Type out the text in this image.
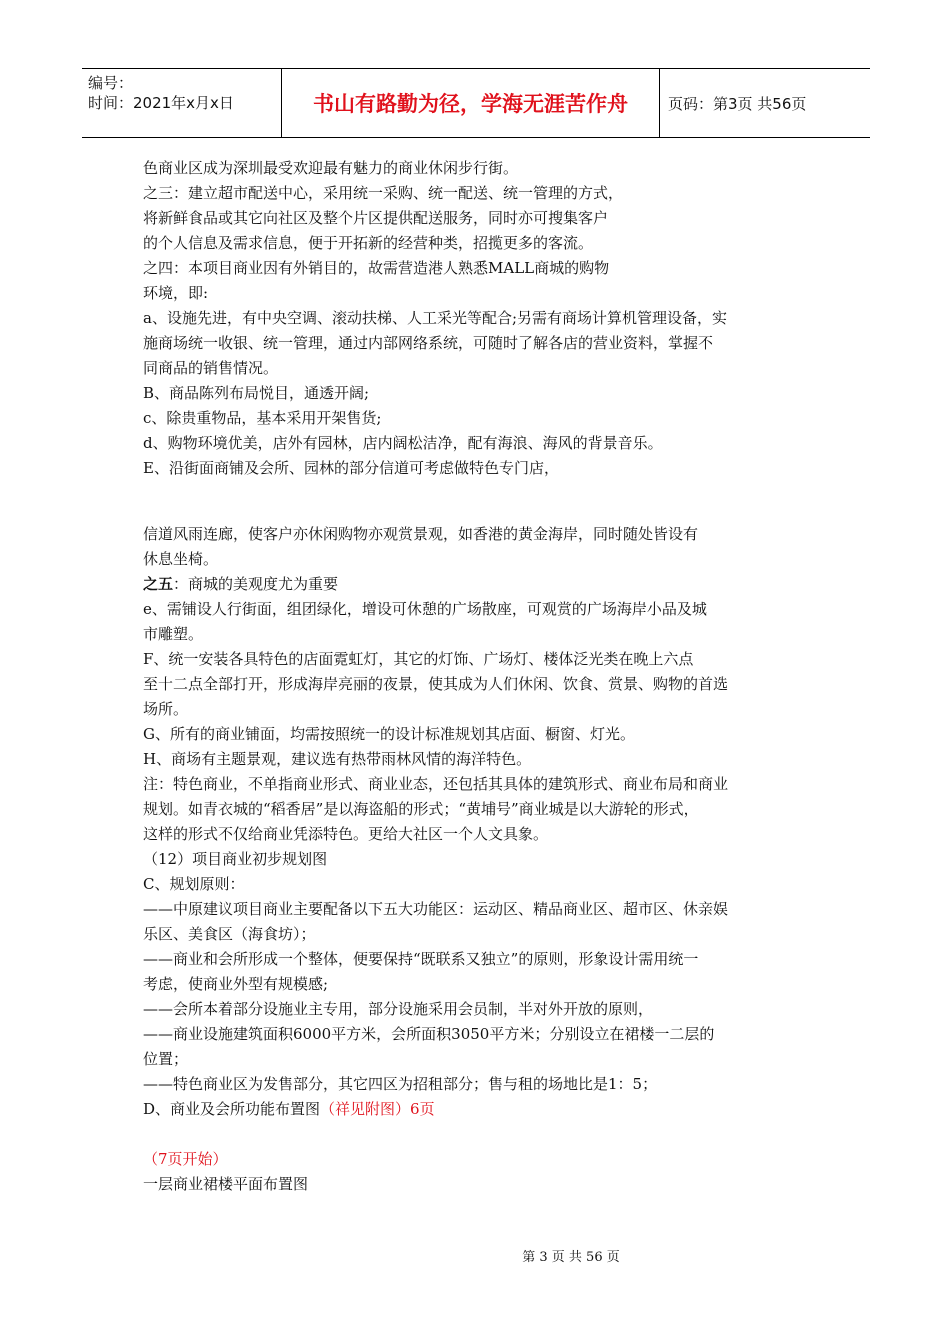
编号：
时间：2021年x月x日	书山有路勤为径，学海无涯苦作舟	页码：第3页 共56页
色商业区成为深圳最受欢迎最有魅力的商业休闲步行街。
之三：建立超市配送中心，采用统一采购、统一配送、统一管理的方式，
将新鲜食品或其它向社区及整个片区提供配送服务，同时亦可搜集客户
的个人信息及需求信息，便于开拓新的经营种类，招揽更多的客流。
之四：本项目商业因有外销目的，故需营造港人熟悉MALL商城的购物
环境，即:
a、设施先进，有中央空调、滚动扶梯、人工采光等配合;另需有商场计算机管理设备，实
施商场统一收银、统一管理，通过内部网络系统，可随时了解各店的营业资料，掌握不
同商品的销售情况。
B、商品陈列布局悦目，通透开阔;
c、除贵重物品，基本采用开架售货;
d、购物环境优美，店外有园林，店内阔松洁净，配有海浪、海风的背景音乐。
E、沿街面商铺及会所、园林的部分信道可考虑做特色专门店，
信道风雨连廊，使客户亦休闲购物亦观赏景观，如香港的黄金海岸，同时随处皆设有
休息坐椅。
之五：商城的美观度尤为重要
e、需铺设人行街面，组团绿化，增设可休憩的广场散座，可观赏的广场海岸小品及城
市雕塑。
F、统一安装各具特色的店面霓虹灯，其它的灯饰、广场灯、楼体泛光类在晚上六点
至十二点全部打开，形成海岸亮丽的夜景，使其成为人们休闲、饮食、赏景、购物的首选
场所。
G、所有的商业铺面，均需按照统一的设计标准规划其店面、橱窗、灯光。
H、商场有主题景观，建议选有热带雨林风情的海洋特色。
注：特色商业，不单指商业形式、商业业态，还包括其具体的建筑形式、商业布局和商业
规划。如青衣城的“稻香居”是以海盗船的形式；“黄埔号”商业城是以大游轮的形式，
这样的形式不仅给商业凭添特色。更给大社区一个人文具象。
（12）项目商业初步规划图
C、规划原则：
——中原建议项目商业主要配备以下五大功能区：运动区、精品商业区、超市区、休亲娱
乐区、美食区（海食坊）；
——商业和会所形成一个整体，便要保持“既联系又独立”的原则，形象设计需用统一
考虑，使商业外型有规模感;
——会所本着部分设施业主专用，部分设施采用会员制，半对外开放的原则，
——商业设施建筑面积6000平方米，会所面积3050平方米；分别设立在裙楼一二层的
位置；
——特色商业区为发售部分，其它四区为招租部分；售与租的场地比是1：5；
D、商业及会所功能布置图（祥见附图）6页
（7页开始）
一层商业裙楼平面布置图
第 3 页 共 56 页
